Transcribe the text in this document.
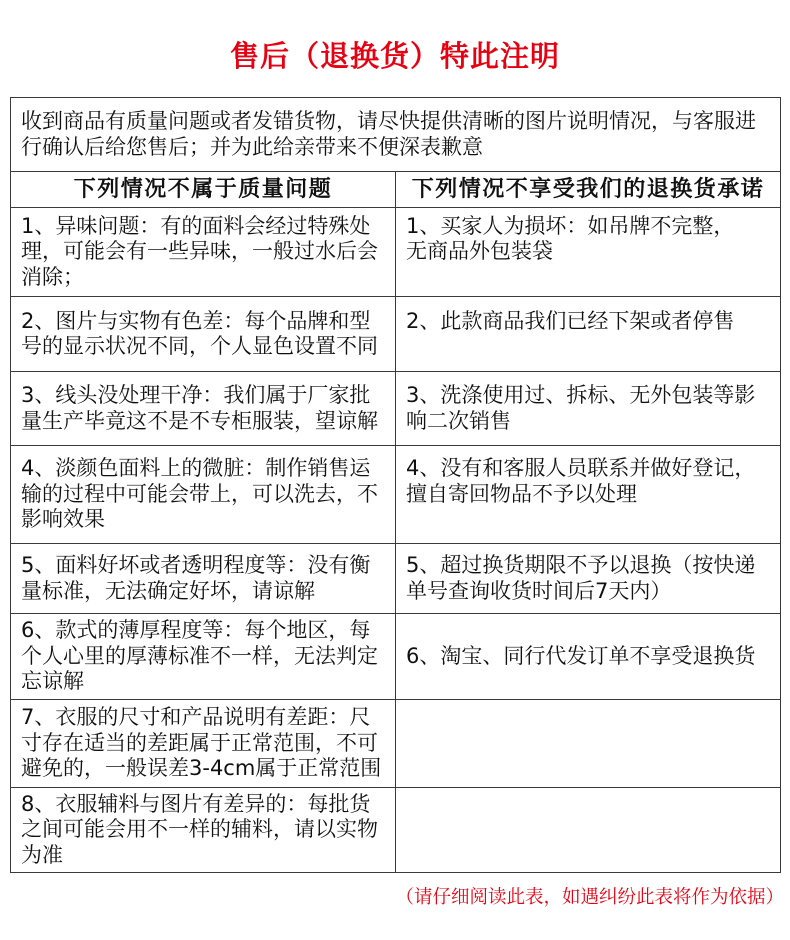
售后（退换货）特此注明
收到商品有质量问题或者发错货物，请尽快提供清晰的图片说明情况，与客服进行确认后给您售后；并为此给亲带来不便深表歉意	
下列情况不属于质量问题	下列情况不享受我们的退换货承诺
1、异味问题：有的面料会经过特殊处理，可能会有一些异味，一般过水后会消除；	1、买家人为损坏：如吊牌不完整，
无商品外包装袋
2、图片与实物有色差：每个品牌和型号的显示状况不同，个人显色设置不同	2、此款商品我们已经下架或者停售
3、线头没处理干净：我们属于厂家批量生产毕竟这不是不专柜服装，望谅解	3、洗涤使用过、拆标、无外包装等影响二次销售
4、淡颜色面料上的微脏：制作销售运输的过程中可能会带上，可以洗去，不影响效果	4、没有和客服人员联系并做好登记，擅自寄回物品不予以处理
5、面料好坏或者透明程度等：没有衡量标准，无法确定好坏，请谅解	5、超过换货期限不予以退换（按快递单号查询收货时间后7天内）
6、款式的薄厚程度等：每个地区，每个人心里的厚薄标准不一样，无法判定忘谅解	6、淘宝、同行代发订单不享受退换货
7、衣服的尺寸和产品说明有差距：尺寸存在适当的差距属于正常范围，不可避免的，一般误差3-4cm属于正常范围	
8、衣服辅料与图片有差异的：每批货之间可能会用不一样的辅料，请以实物为准	
（请仔细阅读此表，如遇纠纷此表将作为依据）
